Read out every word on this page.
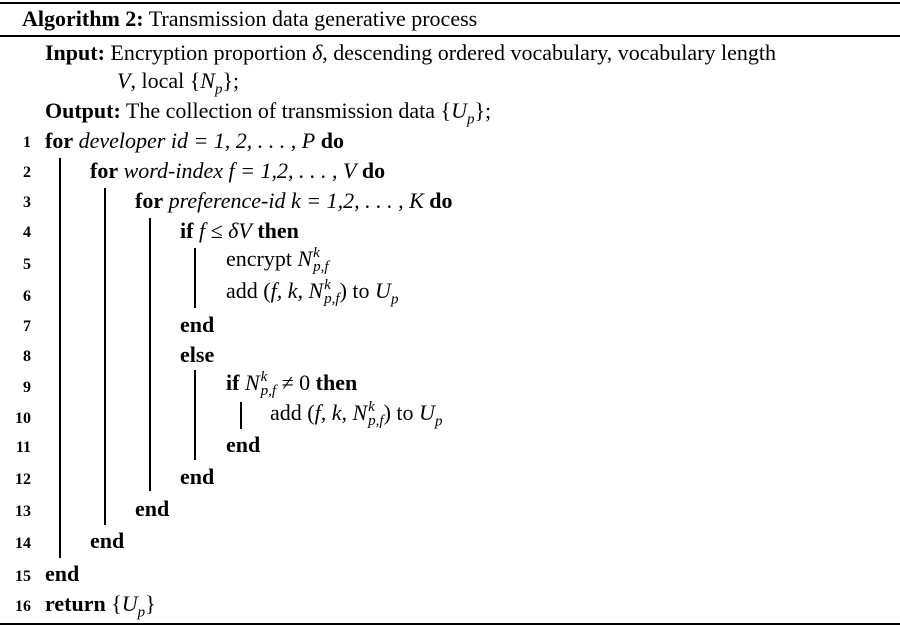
Algorithm 2: Transmission data generative process
Input: Encryption proportion δ, descending ordered vocabulary, vocabulary length
V, local $\{N_p\}$;
Output: The collection of transmission data $\{U_p\}$;
1
2
3
4
5
6
7
8
9
10
11
12
13
14
15
16
for developer id = 1, 2, . . . , P do
for word-index f = 1,2, . . . , V do
for preference-id k = 1,2, . . . , K do
if f ≤ δV then
encrypt N k
p,f
add (f, k, N k
p,f ) to $U_p$
end
else
if N k
p,f ≠ 0 then
add (f, k, N k
p,f ) to $U_p$
end
end
end
end
end
return $\{U_p\}$
